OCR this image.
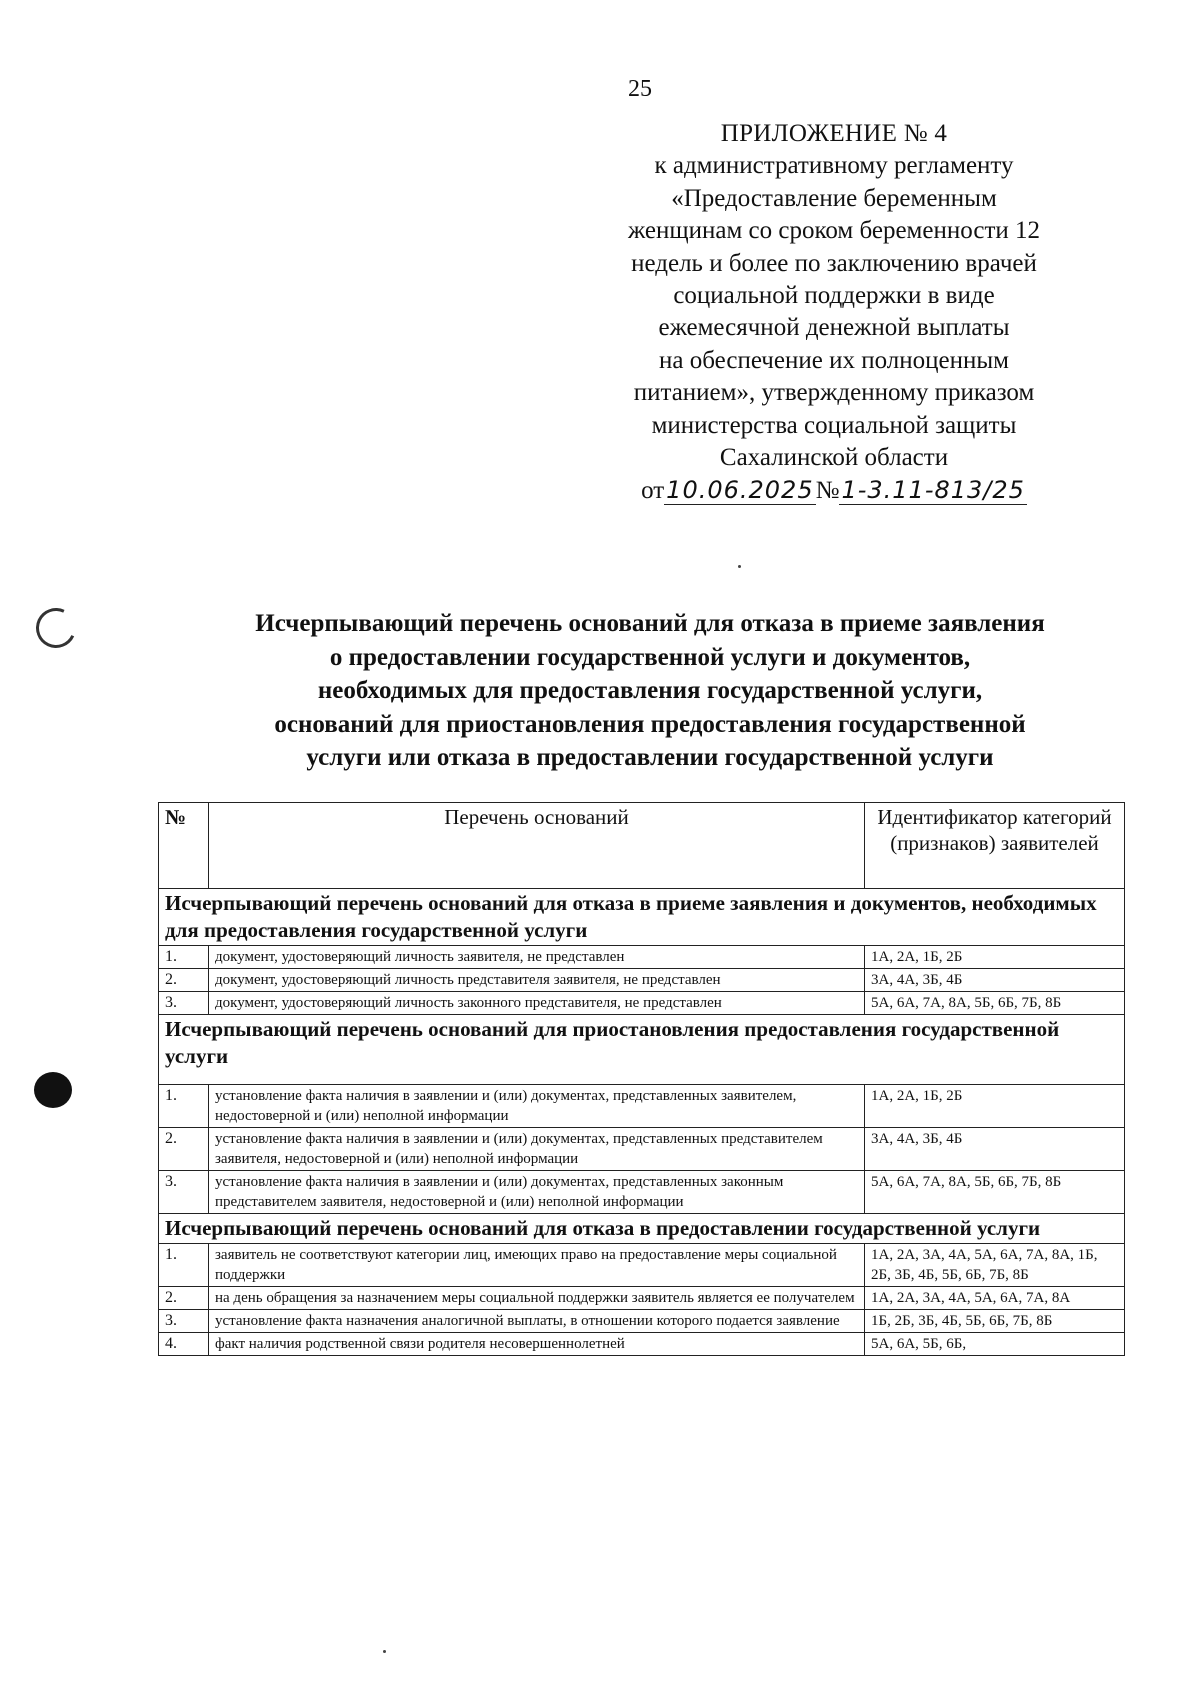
25
ПРИЛОЖЕНИЕ № 4
к административному регламенту
«Предоставление беременным
женщинам со сроком беременности 12
недель и более по заключению врачей
социальной поддержки в виде
ежемесячной денежной выплаты
на обеспечение их полноценным
питанием», утвержденному приказом
министерства социальной защиты
Сахалинской области
от10.06.2025№1-3.11-813/25
Исчерпывающий перечень оснований для отказа в приеме заявления
о предоставлении государственной услуги и документов,
необходимых для предоставления государственной услуги,
оснований для приостановления предоставления государственной
услуги или отказа в предоставлении государственной услуги
№	Перечень оснований	Идентификатор категорий (признаков) заявителей
Исчерпывающий перечень оснований для отказа в приеме заявления и документов, необходимых для предоставления государственной услуги		
1.	документ, удостоверяющий личность заявителя, не представлен	1А, 2А, 1Б, 2Б
2.	документ, удостоверяющий личность представителя заявителя, не представлен	3А, 4А, 3Б, 4Б
3.	документ, удостоверяющий личность законного представителя, не представлен	5А, 6А, 7А, 8А, 5Б, 6Б, 7Б, 8Б
Исчерпывающий перечень оснований для приостановления предоставления государственной услуги		
1.	установление факта наличия в заявлении и (или) документах, представленных заявителем, недостоверной и (или) неполной информации	1А, 2А, 1Б, 2Б
2.	установление факта наличия в заявлении и (или) документах, представленных представителем заявителя, недостоверной и (или) неполной информации	3А, 4А, 3Б, 4Б
3.	установление факта наличия в заявлении и (или) документах, представленных законным представителем заявителя, недостоверной и (или) неполной информации	5А, 6А, 7А, 8А, 5Б, 6Б, 7Б, 8Б
Исчерпывающий перечень оснований для отказа в предоставлении государственной услуги		
1.	заявитель не соответствуют категории лиц, имеющих право на предоставление меры социальной поддержки	1А, 2А, 3А, 4А, 5А, 6А, 7А, 8А, 1Б, 2Б, 3Б, 4Б, 5Б, 6Б, 7Б, 8Б
2.	на день обращения за назначением меры социальной поддержки заявитель является ее получателем	1А, 2А, 3А, 4А, 5А, 6А, 7А, 8А
3.	установление факта назначения аналогичной выплаты, в отношении которого подается заявление	1Б, 2Б, 3Б, 4Б, 5Б, 6Б, 7Б, 8Б
4.	факт наличия родственной связи родителя несовершеннолетней	5А, 6А, 5Б, 6Б,
